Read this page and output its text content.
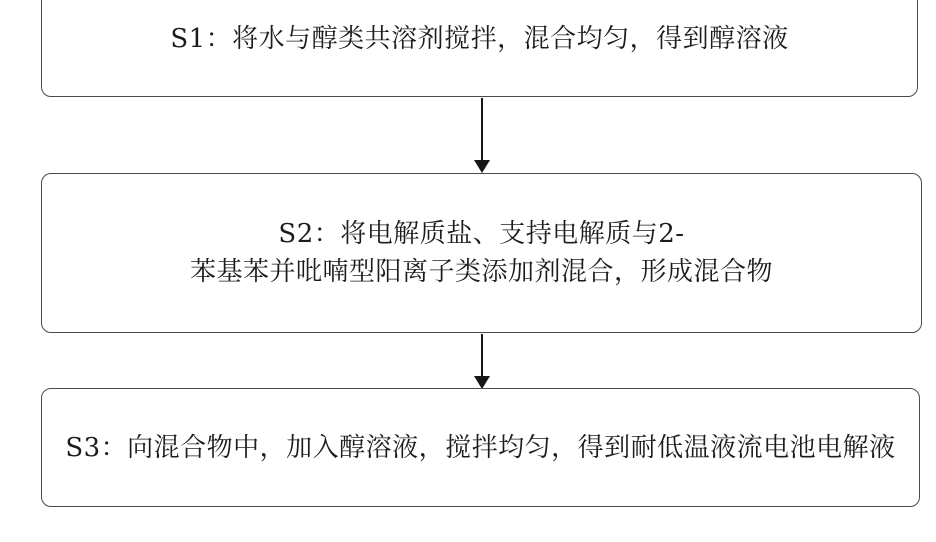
S1：将水与醇类共溶剂搅拌，混合均匀，得到醇溶液
S2：将电解质盐、支持电解质与2-
苯基苯并吡喃型阳离子类添加剂混合，形成混合物
S3：向混合物中，加入醇溶液，搅拌均匀，得到耐低温液流电池电解液
